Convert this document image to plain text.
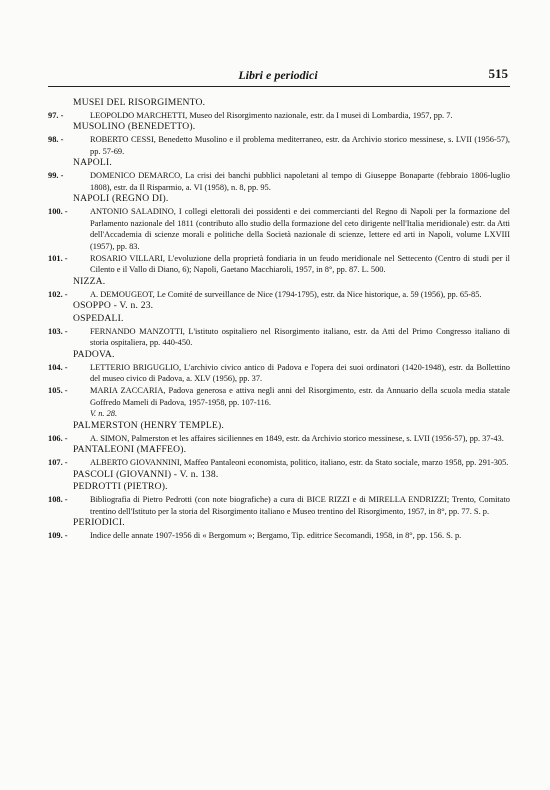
Libri e periodici	515
MUSEI DEL RISORGIMENTO.
97. -	LEOPOLDO MARCHETTI, Museo del Risorgimento nazionale, estr. da I musei di Lombardia, 1957, pp. 7.
MUSOLINO (BENEDETTO).
98. -	ROBERTO CESSI, Benedetto Musolino e il problema mediterraneo, estr. da Archivio storico messinese, s. LVII (1956-57), pp. 57-69.
NAPOLI.
99. -	DOMENICO DEMARCO, La crisi dei banchi pubblici napoletani al tempo di Giuseppe Bonaparte (febbraio 1806-luglio 1808), estr. da Il Risparmio, a. VI (1958), n. 8, pp. 95.
NAPOLI (REGNO DI).
100. -	ANTONIO SALADINO, I collegi elettorali dei possidenti e dei commercianti del Regno di Napoli per la formazione del Parlamento nazionale del 1811 (contributo allo studio della formazione del ceto dirigente nell'Italia meridionale) estr. da Atti dell'Accademia di scienze morali e politiche della Società nazionale di scienze, lettere ed arti in Napoli, volume LXVIII (1957), pp. 83.
101. -	ROSARIO VILLARI, L'evoluzione della proprietà fondiaria in un feudo meridionale nel Settecento (Centro di studi per il Cilento e il Vallo di Diano, 6); Napoli, Gaetano Macchiaroli, 1957, in 8°, pp. 87. L. 500.
NIZZA.
102. -	A. DEMOUGEOT, Le Comité de surveillance de Nice (1794-1795), estr. da Nice historique, a. 59 (1956), pp. 65-85.
OSOPPO - V. n. 23.
OSPEDALI.
103. -	FERNANDO MANZOTTI, L'istituto ospitaliero nel Risorgimento italiano, estr. da Atti del Primo Congresso italiano di storia ospitaliera, pp. 440-450.
PADOVA.
104. -	LETTERIO BRIGUGLIO, L'archivio civico antico di Padova e l'opera dei suoi ordinatori (1420-1948), estr. da Bollettino del museo civico di Padova, a. XLV (1956), pp. 37.
105. -	MARIA ZACCARIA, Padova generosa e attiva negli anni del Risorgimento, estr. da Annuario della scuola media statale Goffredo Mameli di Padova, 1957-1958, pp. 107-116.
V. n. 28.
PALMERSTON (HENRY TEMPLE).
106. -	A. SIMON, Palmerston et les affaires siciliennes en 1849, estr. da Archivio storico messinese, s. LVII (1956-57), pp. 37-43.
PANTALEONI (MAFFEO).
107. -	ALBERTO GIOVANNINI, Maffeo Pantaleoni economista, politico, italiano, estr. da Stato sociale, marzo 1958, pp. 291-305.
PASCOLI (GIOVANNI) - V. n. 138.
PEDROTTI (PIETRO).
108. -	Bibliografia di Pietro Pedrotti (con note biografiche) a cura di BICE RIZZI e di MIRELLA ENDRIZZI; Trento, Comitato trentino dell'Istituto per la storia del Risorgimento italiano e Museo trentino del Risorgimento, 1957, in 8°, pp. 77. S. p.
PERIODICI.
109. -	Indice delle annate 1907-1956 di « Bergomum »; Bergamo, Tip. editrice Secomandi, 1958, in 8°, pp. 156. S. p.
